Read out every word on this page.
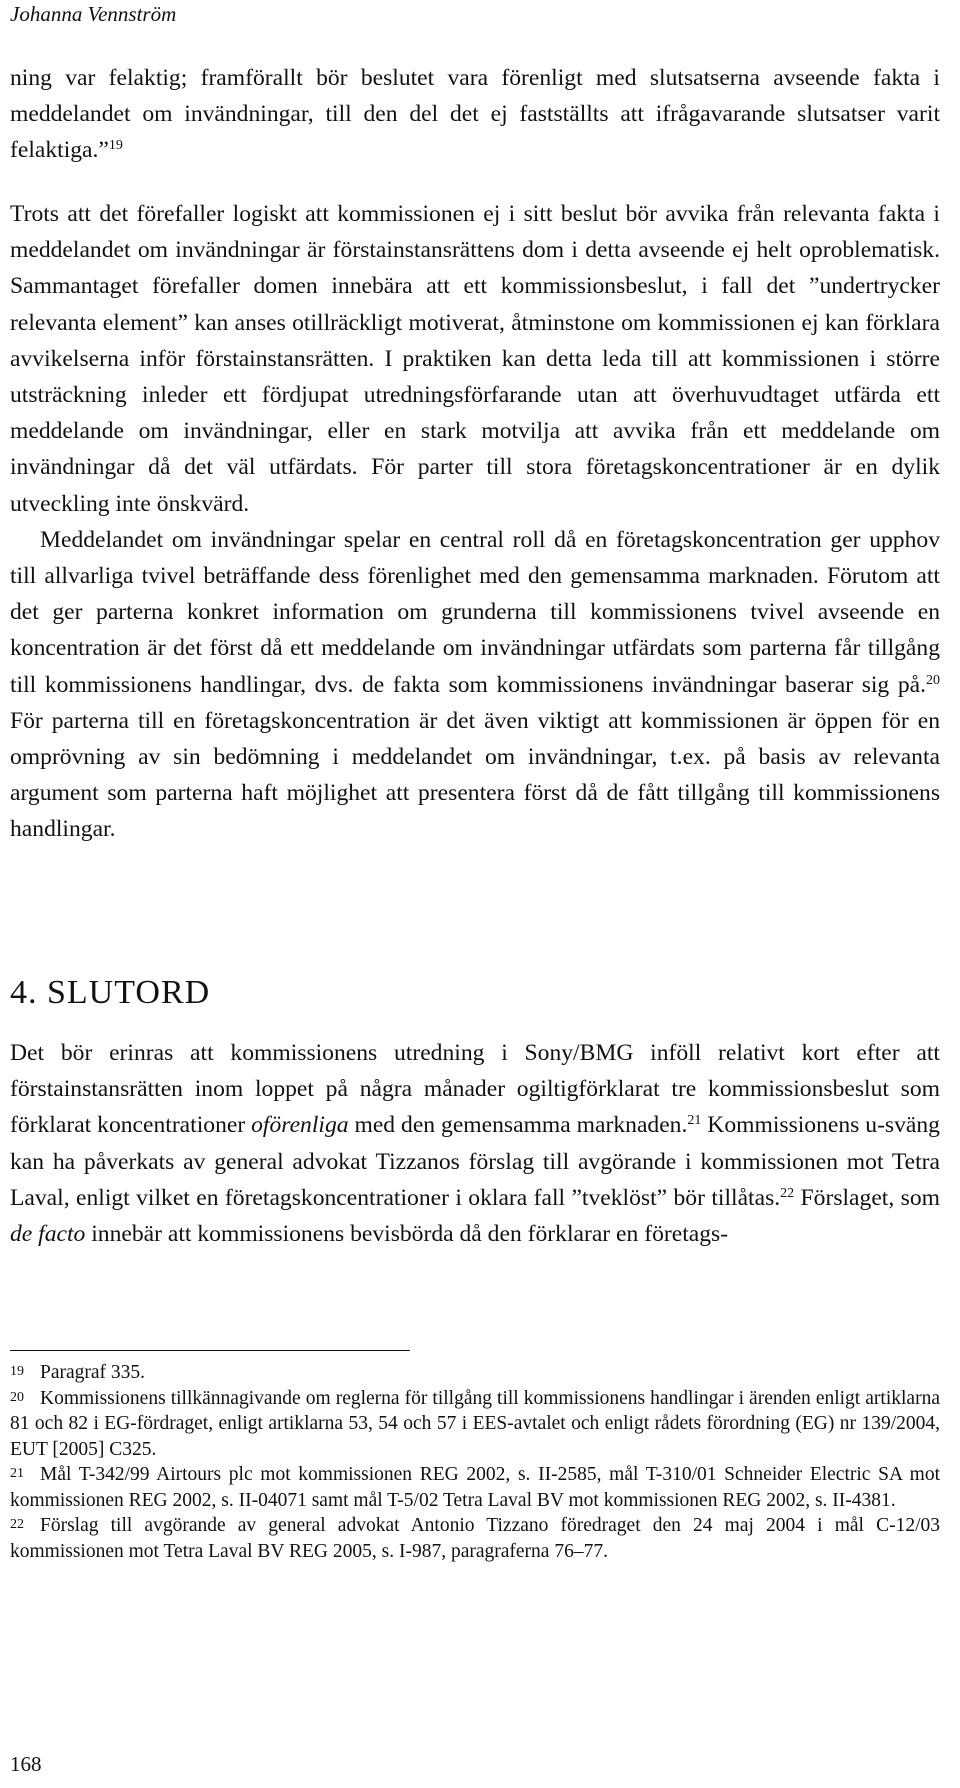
Johanna Vennström

ning var felaktig; framförallt bör beslutet vara förenligt med slutsatserna avseende fakta i meddelandet om invändningar, till den del det ej fastställts att ifrågavarande slutsatser varit felaktiga.”$^{19}$

Trots att det förefaller logiskt att kommissionen ej i sitt beslut bör avvika från relevanta fakta i meddelandet om invändningar är förstainstansrättens dom i detta avseende ej helt oproblematisk. Sammantaget förefaller domen innebära att ett kommissionsbeslut, i fall det ”undertrycker relevanta element” kan anses otillräckligt motiverat, åtminstone om kommissionen ej kan förklara avvikelserna inför förstainstansrätten. I praktiken kan detta leda till att kommissionen i större utsträckning inleder ett fördjupat utredningsförfarande utan att överhuvudtaget utfärda ett meddelande om invändningar, eller en stark motvilja att avvika från ett meddelande om invändningar då det väl utfärdats. För parter till stora företagskoncentrationer är en dylik utveckling inte önskvärd.

Meddelandet om invändningar spelar en central roll då en företagskoncentration ger upphov till allvarliga tvivel beträffande dess förenlighet med den gemensamma marknaden. Förutom att det ger parterna konkret information om grunderna till kommissionens tvivel avseende en koncentration är det först då ett meddelande om invändningar utfärdats som parterna får tillgång till kommissionens handlingar, dvs. de fakta som kommissionens invändningar baserar sig på.$^{20}$ För parterna till en företagskoncentration är det även viktigt att kommissionen är öppen för en omprövning av sin bedömning i meddelandet om invändningar, t.ex. på basis av relevanta argument som parterna haft möjlighet att presentera först då de fått tillgång till kommissionens handlingar.

4. SLUTORD

Det bör erinras att kommissionens utredning i Sony/BMG inföll relativt kort efter att förstainstansrätten inom loppet på några månader ogiltigförklarat tre kommissionsbeslut som förklarat koncentrationer oförenliga med den gemensamma marknaden.$^{21}$ Kommissionens u-sväng kan ha påverkats av general advokat Tizzanos förslag till avgörande i kommissionen mot Tetra Laval, enligt vilket en företagskoncentrationer i oklara fall ”tveklöst” bör tillåtas.$^{22}$ Förslaget, som de facto innebär att kommissionens bevisbörda då den förklarar en företags-

19 Paragraf 335.

20 Kommissionens tillkännagivande om reglerna för tillgång till kommissionens handlingar i ärenden enligt artiklarna 81 och 82 i EG-fördraget, enligt artiklarna 53, 54 och 57 i EES-avtalet och enligt rådets förordning (EG) nr 139/2004, EUT [2005] C325.

21 Mål T-342/99 Airtours plc mot kommissionen REG 2002, s. II-2585, mål T-310/01 Schneider Electric SA mot kommissionen REG 2002, s. II-04071 samt mål T-5/02 Tetra Laval BV mot kommissionen REG 2002, s. II-4381.

22 Förslag till avgörande av general advokat Antonio Tizzano föredraget den 24 maj 2004 i mål C-12/03 kommissionen mot Tetra Laval BV REG 2005, s. I-987, paragraferna 76–77.

168
